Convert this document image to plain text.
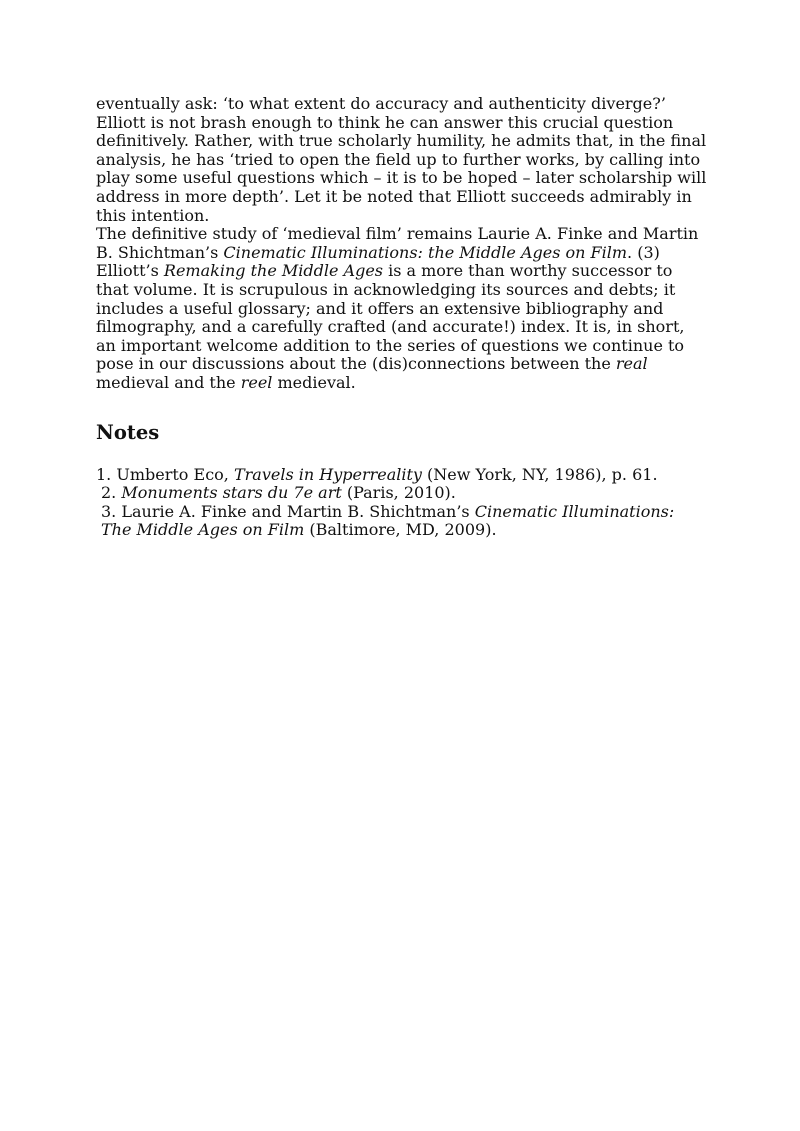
eventually ask: ‘to what extent do accuracy and authenticity diverge?’ Elliott is not brash enough to think he can answer this crucial question definitively. Rather, with true scholarly humility, he admits that, in the final analysis, he has ‘tried to open the field up to further works, by calling into play some useful questions which – it is to be hoped – later scholarship will address in more depth’. Let it be noted that Elliott succeeds admirably in this intention.

The definitive study of ‘medieval film’ remains Laurie A. Finke and Martin B. Shichtman’s Cinematic Illuminations: the Middle Ages on Film. (3) Elliott’s Remaking the Middle Ages is a more than worthy successor to that volume. It is scrupulous in acknowledging its sources and debts; it includes a useful glossary; and it offers an extensive bibliography and filmography, and a carefully crafted (and accurate!) index. It is, in short, an important welcome addition to the series of questions we continue to pose in our discussions about the (dis)connections between the real medieval and the reel medieval.

Notes

1. Umberto Eco, Travels in Hyperreality (New York, NY, 1986), p. 61.

2. Monuments stars du 7e art (Paris, 2010).

3. Laurie A. Finke and Martin B. Shichtman’s Cinematic Illuminations: The Middle Ages on Film (Baltimore, MD, 2009).
